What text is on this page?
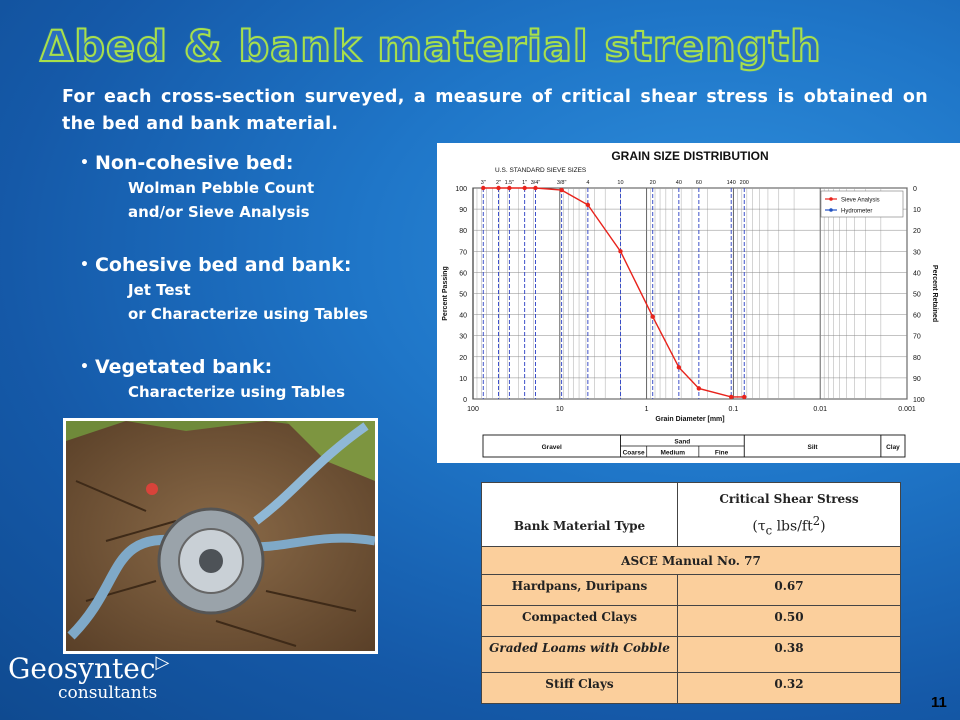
Δbed & bank material strength
For each cross-section surveyed, a measure of critical shear stress is obtained on the bed and bank material.
• Non-cohesive bed:
Wolman Pebble Count
and/or Sieve Analysis
• Cohesive bed and bank:
Jet Test
or Characterize using Tables
• Vegetated bank:
Characterize using Tables
GRAIN SIZE DISTRIBUTION
U.S. STANDARD SIEVE SIZES
3" 2" 1.5" 1" 3/4"	3/8"	4	10	20	40	60	140 200
0
10
20
30
40
50
60
70
80
90
100
100
90
80
70
60
50
40
30
20
10
0
100	10	1	0.1	0.01	0.001
Grain Diameter [mm]
Percent Passing	Percent Retained
Sieve Analysis
Hydrometer
Gravel
Sand
Silt	Clay
Coarse Medium	Fine
Bank Material Type	Critical Shear Stress
($\tau_c$ lbs/$ft^2$)

ASCE Manual No. 77	
Hardpans, Duripans	0.67
Compacted Clays	0.50
Graded Loams with Cobble	0.38
Stiff Clays	0.32
Geosyntec▷
consultants	11
